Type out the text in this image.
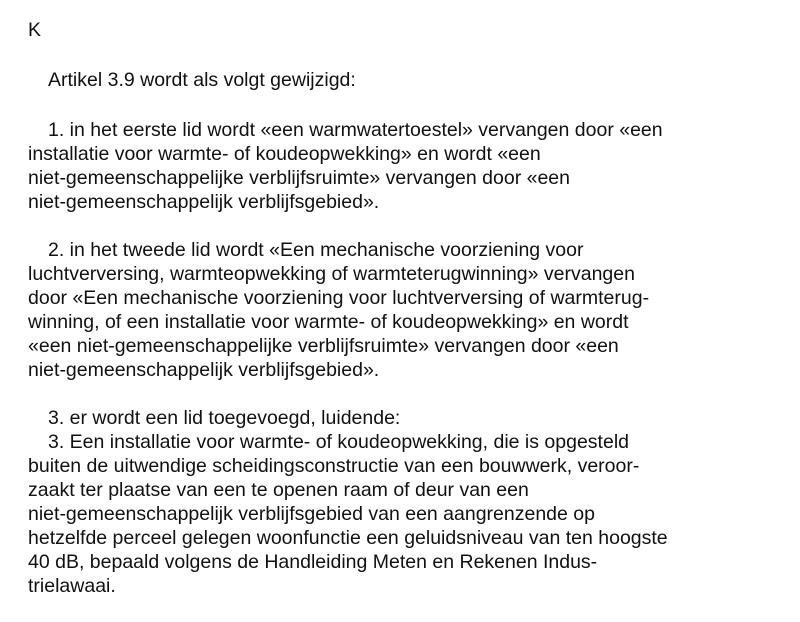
K
Artikel 3.9 wordt als volgt gewijzigd:
1. in het eerste lid wordt «een warmwatertoestel» vervangen door «een
installatie voor warmte- of koudeopwekking» en wordt «een
niet-gemeenschappelijke verblijfsruimte» vervangen door «een
niet-gemeenschappelijk verblijfsgebied».
2. in het tweede lid wordt «Een mechanische voorziening voor
luchtverversing, warmteopwekking of warmteterugwinning» vervangen
door «Een mechanische voorziening voor luchtverversing of warmterug-
winning, of een installatie voor warmte- of koudeopwekking» en wordt
«een niet-gemeenschappelijke verblijfsruimte» vervangen door «een
niet-gemeenschappelijk verblijfsgebied».
3. er wordt een lid toegevoegd, luidende:
3. Een installatie voor warmte- of koudeopwekking, die is opgesteld
buiten de uitwendige scheidingsconstructie van een bouwwerk, veroor-
zaakt ter plaatse van een te openen raam of deur van een
niet-gemeenschappelijk verblijfsgebied van een aangrenzende op
hetzelfde perceel gelegen woonfunctie een geluidsniveau van ten hoogste
40 dB, bepaald volgens de Handleiding Meten en Rekenen Indus-
trielawaai.
